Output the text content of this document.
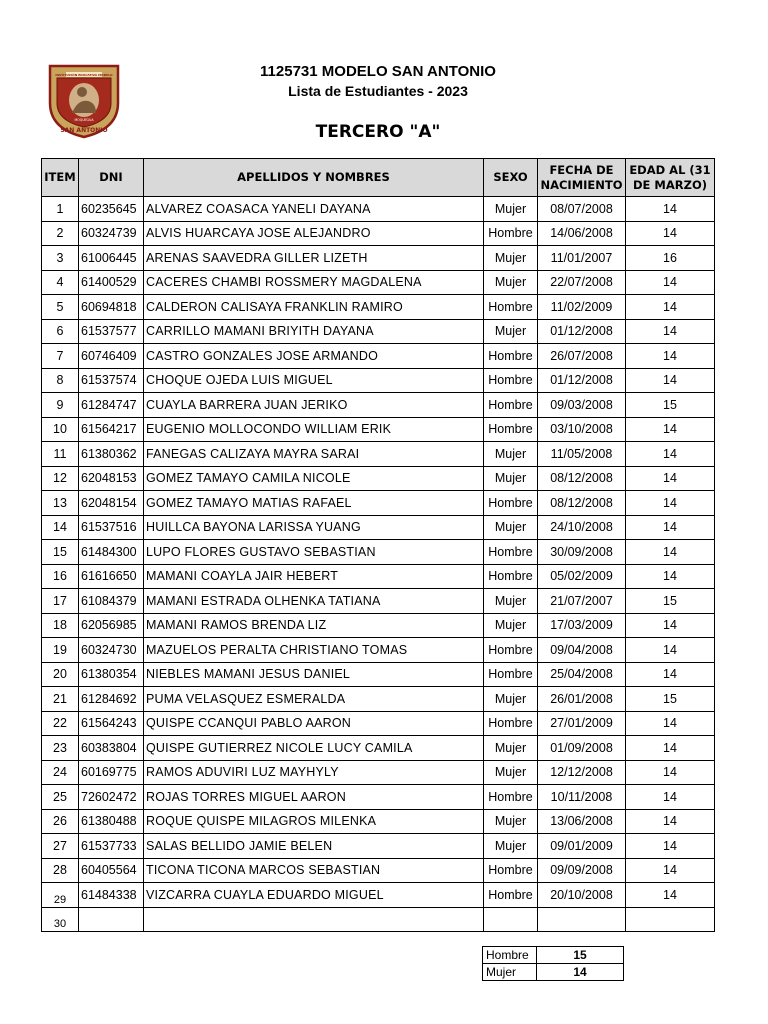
INSTITUCIÓN EDUCATIVA MODELO
MOQUEGUA
SAN ANTONIO
1125731 MODELO SAN ANTONIO
Lista de Estudiantes - 2023
TERCERO "A"
ITEM	DNI	APELLIDOS Y NOMBRES	SEXO	FECHA DE NACIMIENTO	EDAD AL (31 DE MARZO)
1	60235645	ALVAREZ COASACA YANELI DAYANA	Mujer	08/07/2008	14
2	60324739	ALVIS HUARCAYA JOSE ALEJANDRO	Hombre	14/06/2008	14
3	61006445	ARENAS SAAVEDRA GILLER LIZETH	Mujer	11/01/2007	16
4	61400529	CACERES CHAMBI ROSSMERY MAGDALENA	Mujer	22/07/2008	14
5	60694818	CALDERON CALISAYA FRANKLIN RAMIRO	Hombre	11/02/2009	14
6	61537577	CARRILLO MAMANI BRIYITH DAYANA	Mujer	01/12/2008	14
7	60746409	CASTRO GONZALES JOSE ARMANDO	Hombre	26/07/2008	14
8	61537574	CHOQUE OJEDA LUIS MIGUEL	Hombre	01/12/2008	14
9	61284747	CUAYLA BARRERA JUAN JERIKO	Hombre	09/03/2008	15
10	61564217	EUGENIO MOLLOCONDO WILLIAM ERIK	Hombre	03/10/2008	14
11	61380362	FANEGAS CALIZAYA MAYRA SARAI	Mujer	11/05/2008	14
12	62048153	GOMEZ TAMAYO CAMILA NICOLE	Mujer	08/12/2008	14
13	62048154	GOMEZ TAMAYO MATIAS RAFAEL	Hombre	08/12/2008	14
14	61537516	HUILLCA BAYONA LARISSA YUANG	Mujer	24/10/2008	14
15	61484300	LUPO FLORES GUSTAVO SEBASTIAN	Hombre	30/09/2008	14
16	61616650	MAMANI COAYLA JAIR HEBERT	Hombre	05/02/2009	14
17	61084379	MAMANI ESTRADA OLHENKA TATIANA	Mujer	21/07/2007	15
18	62056985	MAMANI RAMOS BRENDA LIZ	Mujer	17/03/2009	14
19	60324730	MAZUELOS PERALTA CHRISTIANO TOMAS	Hombre	09/04/2008	14
20	61380354	NIEBLES MAMANI JESUS DANIEL	Hombre	25/04/2008	14
21	61284692	PUMA VELASQUEZ ESMERALDA	Mujer	26/01/2008	15
22	61564243	QUISPE CCANQUI PABLO AARON	Hombre	27/01/2009	14
23	60383804	QUISPE GUTIERREZ NICOLE LUCY CAMILA	Mujer	01/09/2008	14
24	60169775	RAMOS ADUVIRI LUZ MAYHYLY	Mujer	12/12/2008	14
25	72602472	ROJAS TORRES MIGUEL AARON	Hombre	10/11/2008	14
26	61380488	ROQUE QUISPE MILAGROS MILENKA	Mujer	13/06/2008	14
27	61537733	SALAS BELLIDO JAMIE BELEN	Mujer	09/01/2009	14
28	60405564	TICONA TICONA MARCOS SEBASTIAN	Hombre	09/09/2008	14
29	61484338	VIZCARRA CUAYLA EDUARDO MIGUEL	Hombre	20/10/2008	14
30					
Hombre	15
Mujer	14
